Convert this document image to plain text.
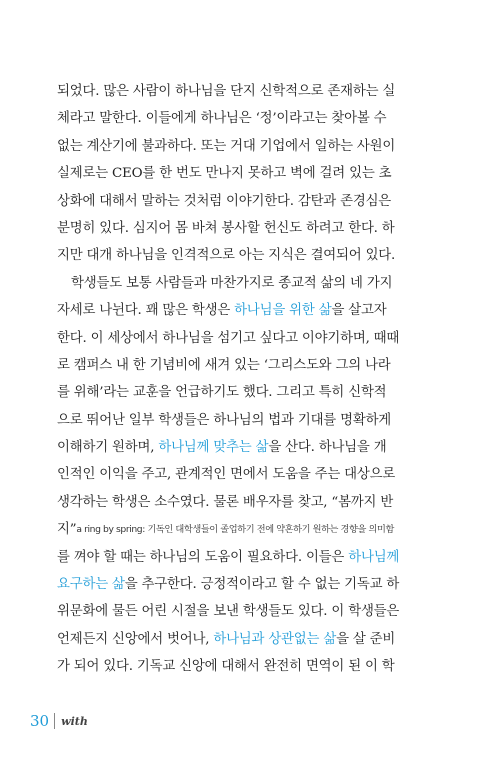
되었다. 많은 사람이 하나님을 단지 신학적으로 존재하는 실
체라고 말한다. 이들에게 하나님은 ‘정’이라고는 찾아볼 수
없는 계산기에 불과하다. 또는 거대 기업에서 일하는 사원이
실제로는 CEO를 한 번도 만나지 못하고 벽에 걸려 있는 초
상화에 대해서 말하는 것처럼 이야기한다. 감탄과 존경심은
분명히 있다. 심지어 몸 바쳐 봉사할 헌신도 하려고 한다. 하
지만 대개 하나님을 인격적으로 아는 지식은 결여되어 있다.
학생들도 보통 사람들과 마찬가지로 종교적 삶의 네 가지
자세로 나뉜다. 꽤 많은 학생은 하나님을 위한 삶 을 살고자
한다. 이 세상에서 하나님을 섬기고 싶다고 이야기하며, 때때
로 캠퍼스 내 한 기념비에 새겨 있는 ‘그리스도와 그의 나라
를 위해’라는 교훈을 언급하기도 했다. 그리고 특히 신학적
으로 뛰어난 일부 학생들은 하나님의 법과 기대를 명확하게
이해하기 원하며, 하나님께 맞추는 삶 을 산다. 하나님을 개
인적인 이익을 주고, 관계적인 면에서 도움을 주는 대상으로
생각하는 학생은 소수였다. 물론 배우자를 찾고, “봄까지 반
지” a ring by spring: 기독인 대학생들이 졸업하기 전에 약혼하기 원하는 경향을 의미함
를 껴야 할 때는 하나님의 도움이 필요하다. 이들은 하나님께
요구하는 삶 을 추구한다. 긍정적이라고 할 수 없는 기독교 하
위문화에 물든 어린 시절을 보낸 학생들도 있다. 이 학생들은
언제든지 신앙에서 벗어나, 하나님과 상관없는 삶 을 살 준비
가 되어 있다. 기독교 신앙에 대해서 완전히 면역이 된 이 학
30 with
